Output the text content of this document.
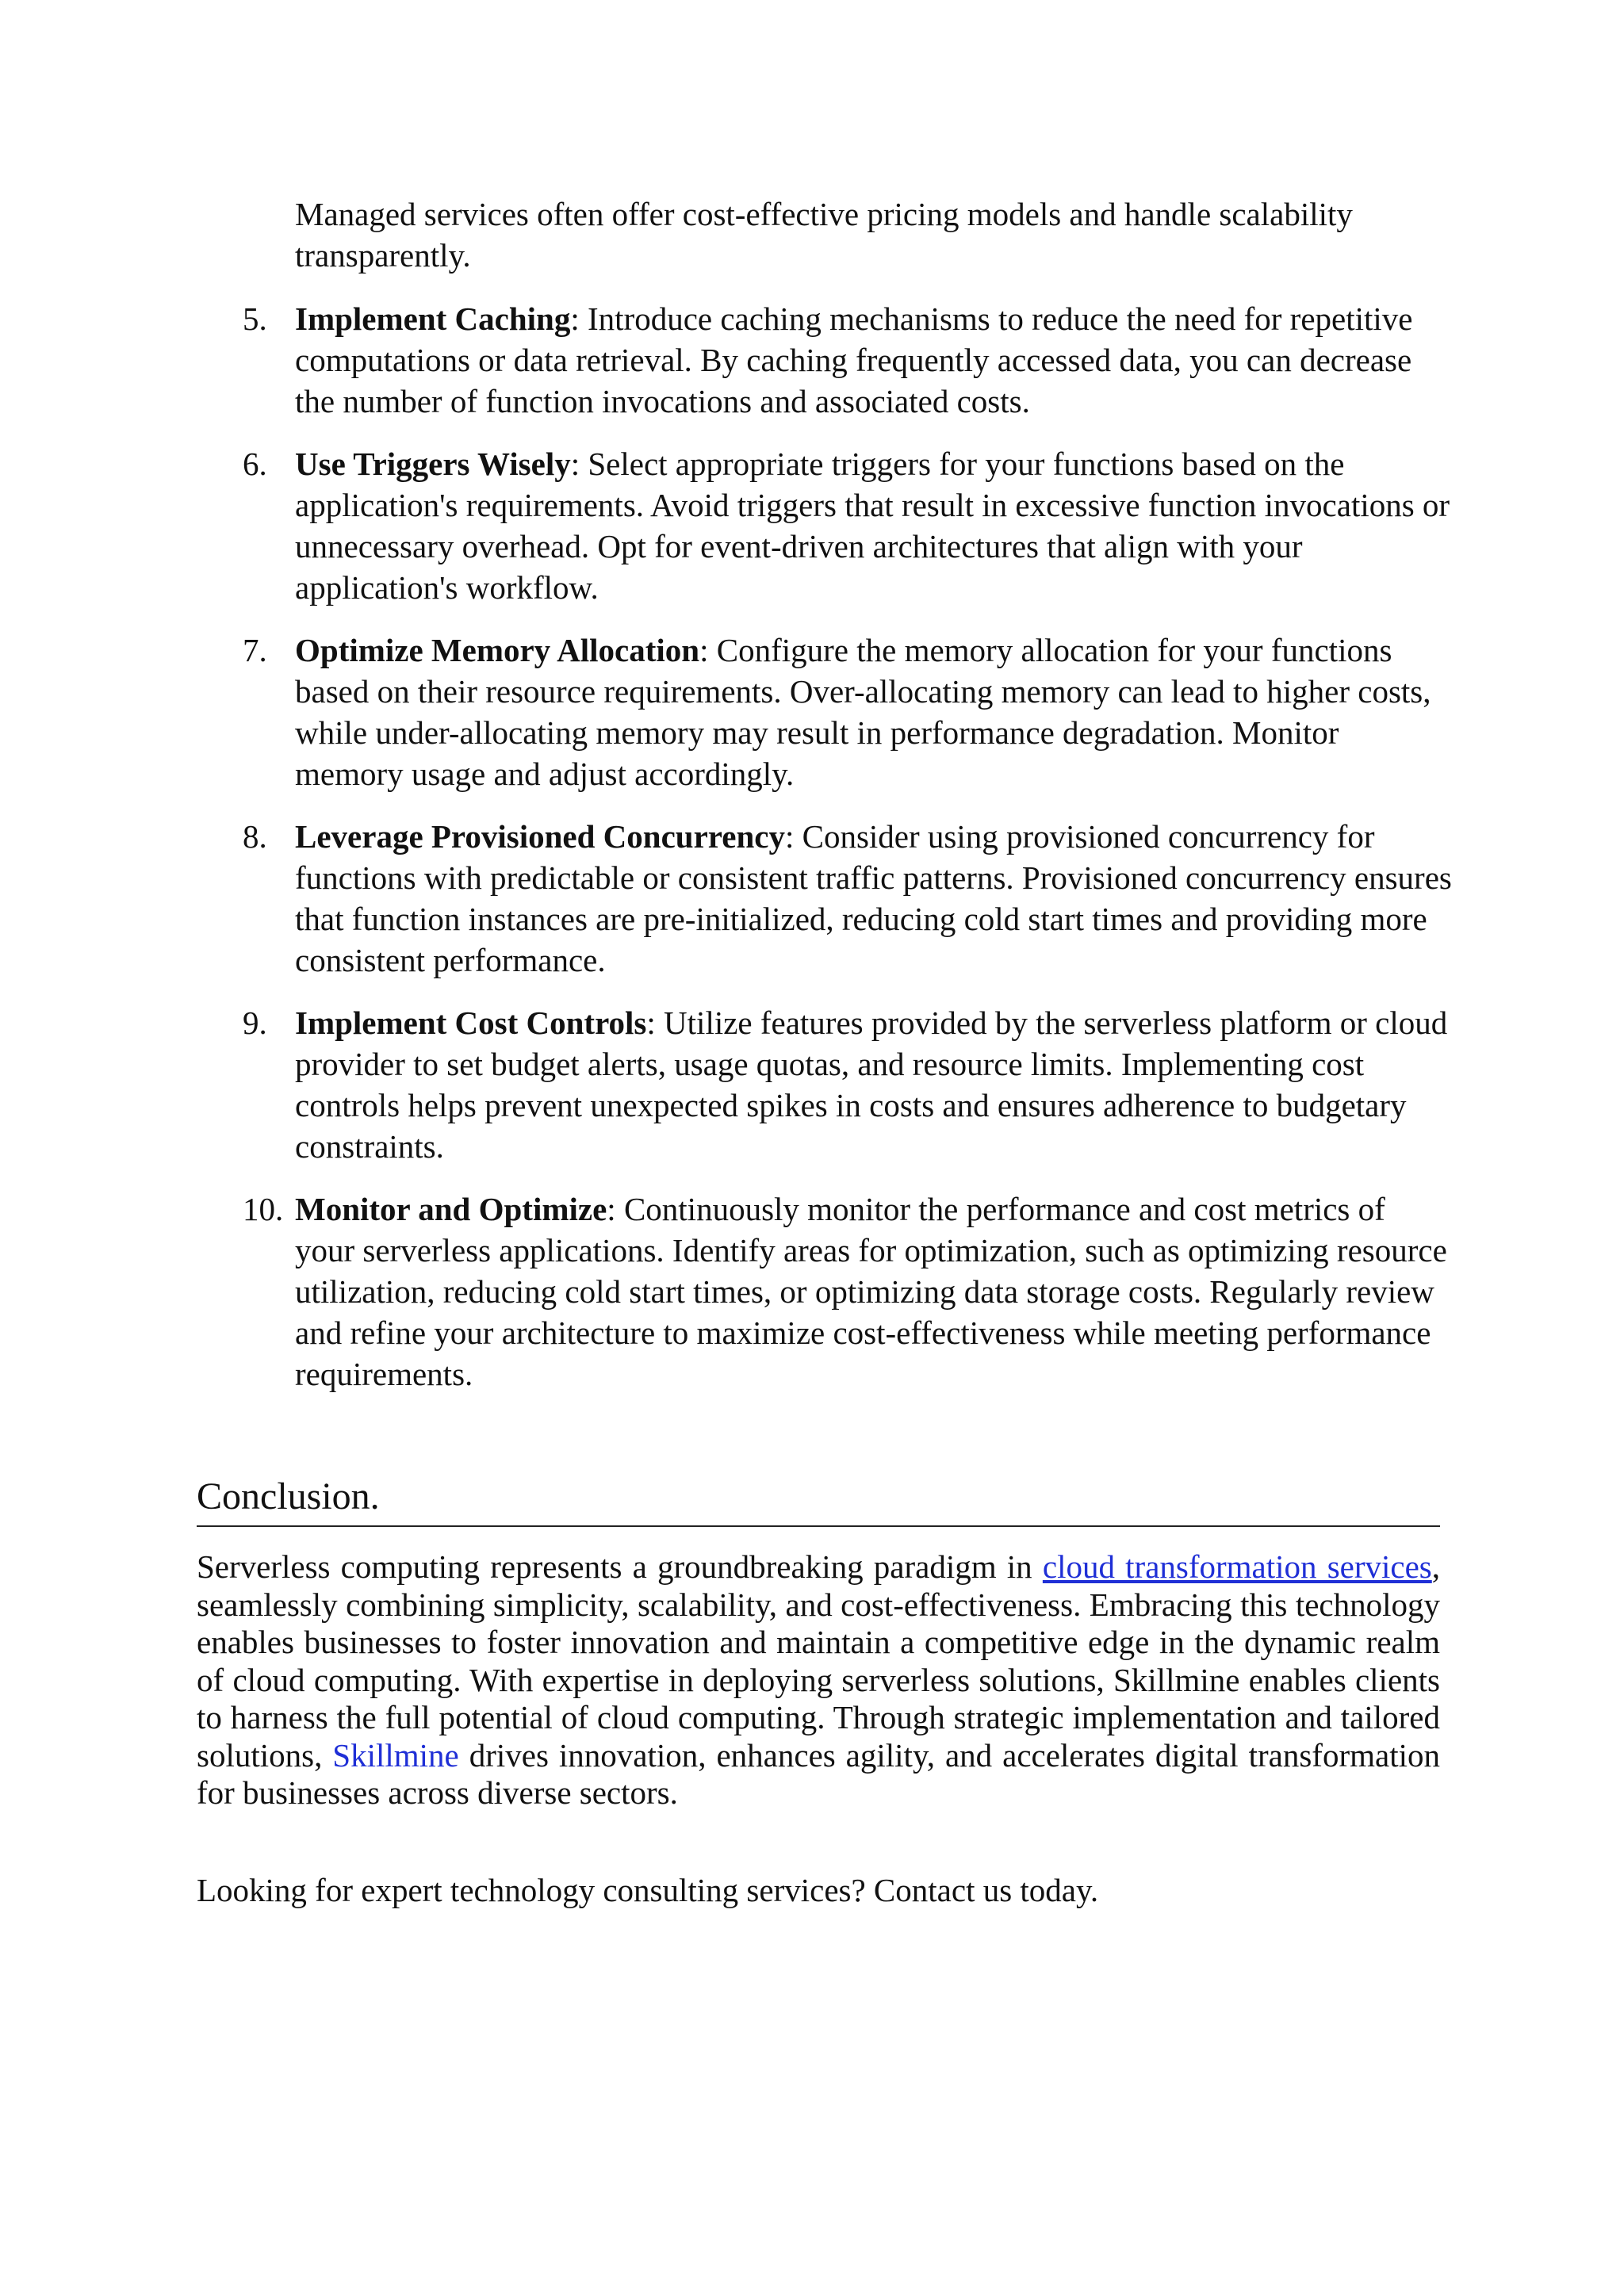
Managed services often offer cost-effective pricing models and handle scalability transparently.

5. Implement Caching: Introduce caching mechanisms to reduce the need for repetitive computations or data retrieval. By caching frequently accessed data, you can decrease the number of function invocations and associated costs.
6. Use Triggers Wisely: Select appropriate triggers for your functions based on the application's requirements. Avoid triggers that result in excessive function invocations or unnecessary overhead. Opt for event-driven architectures that align with your application's workflow.
7. Optimize Memory Allocation: Configure the memory allocation for your functions based on their resource requirements. Over-allocating memory can lead to higher costs, while under-allocating memory may result in performance degradation. Monitor memory usage and adjust accordingly.
8. Leverage Provisioned Concurrency: Consider using provisioned concurrency for functions with predictable or consistent traffic patterns. Provisioned concurrency ensures that function instances are pre-initialized, reducing cold start times and providing more consistent performance.
9. Implement Cost Controls: Utilize features provided by the serverless platform or cloud provider to set budget alerts, usage quotas, and resource limits. Implementing cost controls helps prevent unexpected spikes in costs and ensures adherence to budgetary constraints.
10. Monitor and Optimize: Continuously monitor the performance and cost metrics of your serverless applications. Identify areas for optimization, such as optimizing resource utilization, reducing cold start times, or optimizing data storage costs. Regularly review and refine your architecture to maximize cost-effectiveness while meeting performance requirements.
Conclusion.

Serverless computing represents a groundbreaking paradigm in cloud transformation services, seamlessly combining simplicity, scalability, and cost-effectiveness. Embracing this technology enables businesses to foster innovation and maintain a competitive edge in the dynamic realm of cloud computing. With expertise in deploying serverless solutions, Skillmine enables clients to harness the full potential of cloud computing. Through strategic implementation and tailored solutions, Skillmine drives innovation, enhances agility, and accelerates digital transformation for businesses across diverse sectors.

Looking for expert technology consulting services? Contact us today.
